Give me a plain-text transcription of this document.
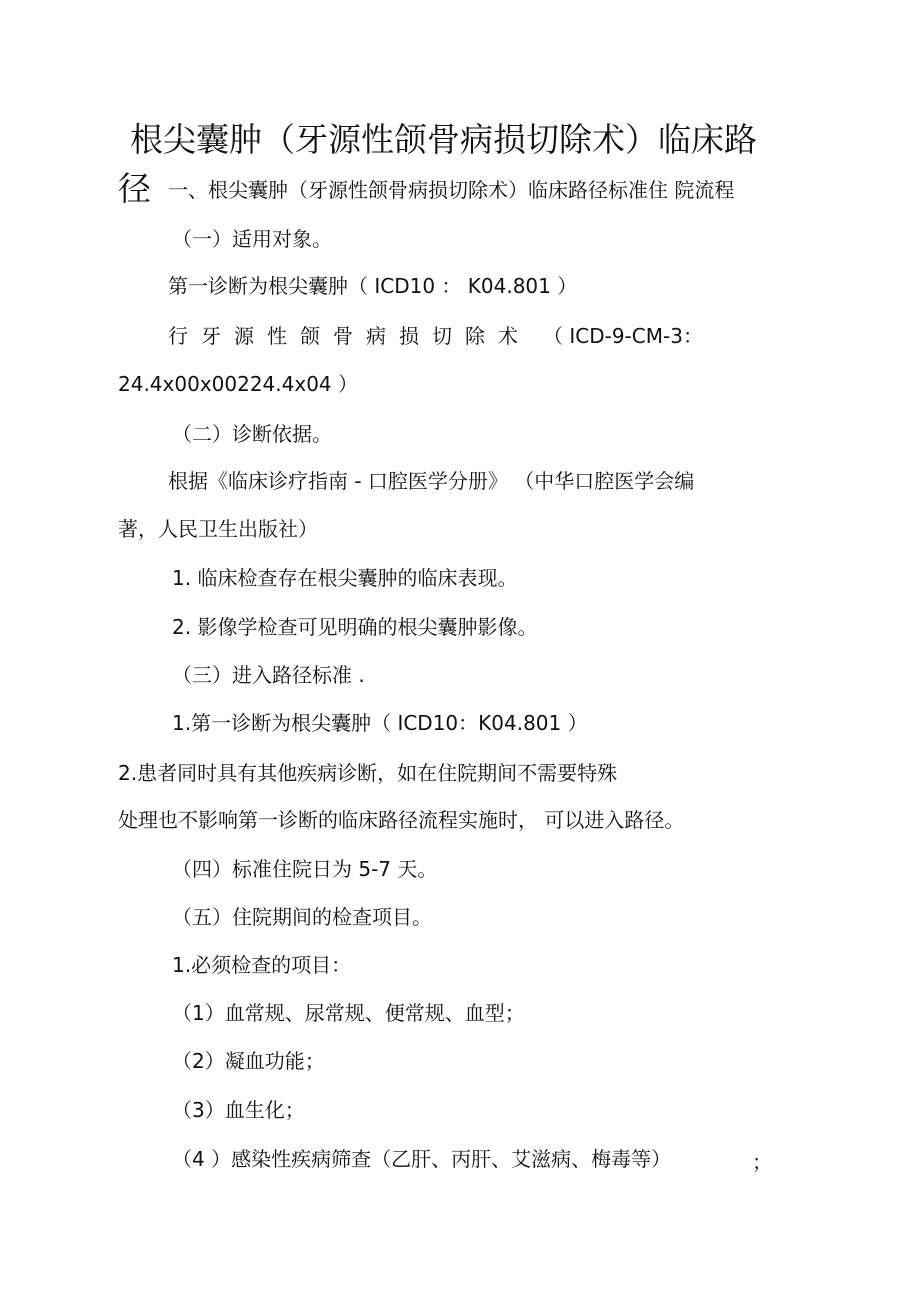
根尖囊肿（牙源性颌骨病损切除术）临床路
径 一、根尖囊肿（牙源性颌骨病损切除术）临床路径标准住 院流程
（一）适用对象。
第一诊断为根尖囊肿（ ICD10 ： K04.801 ）
行牙源性颌骨病损切除术 （ ICD-9-CM-3：
24.4x00x00224.4x04 ）
（二）诊断依据。
根据《临床诊疗指南 - 口腔医学分册》 （中华口腔医学会编
著，人民卫生出版社）
1. 临床检查存在根尖囊肿的临床表现。
2. 影像学检查可见明确的根尖囊肿影像。
（三）进入路径标准 .
1.第一诊断为根尖囊肿（ ICD10：K04.801 ）
2.患者同时具有其他疾病诊断，如在住院期间不需要特殊
处理也不影响第一诊断的临床路径流程实施时， 可以进入路径。
（四）标准住院日为 5-7 天。
（五）住院期间的检查项目。
1.必须检查的项目：
（1）血常规、尿常规、便常规、血型；
（2）凝血功能；
（3）血生化；
（4 ）感染性疾病筛查（乙肝、丙肝、艾滋病、梅毒等）	；
